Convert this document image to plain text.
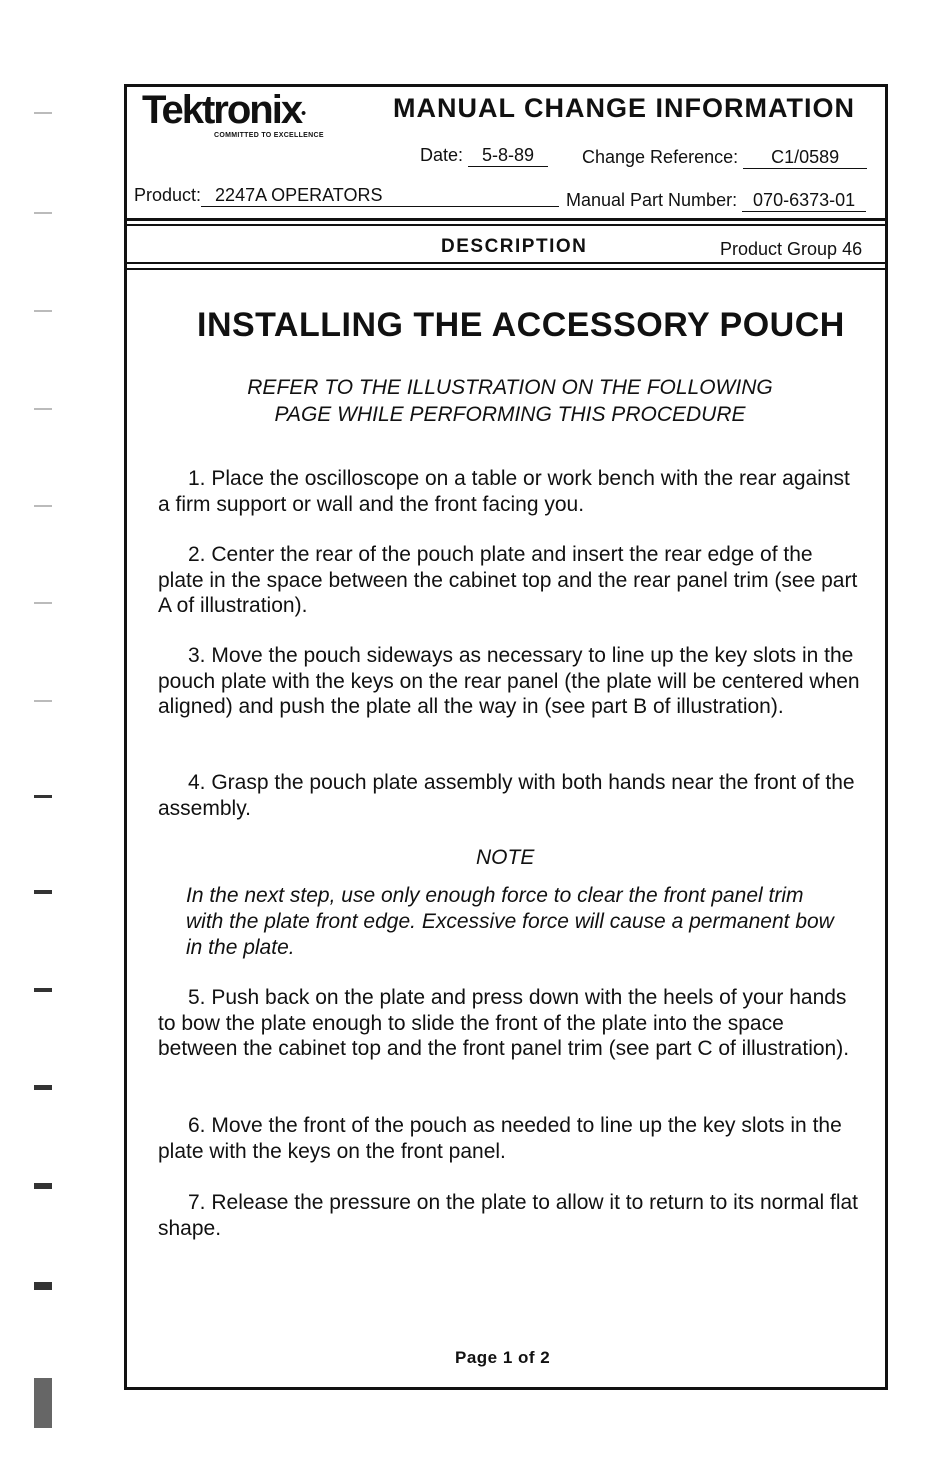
Tektronix•
COMMITTED TO EXCELLENCE
MANUAL CHANGE INFORMATION
Date: 5-8-89	Change Reference: C1/0589
Product: 2247A OPERATORS	Manual Part Number: 070-6373-01
DESCRIPTION	Product Group 46
INSTALLING THE ACCESSORY POUCH
REFER TO THE ILLUSTRATION ON THE FOLLOWING
PAGE WHILE PERFORMING THIS PROCEDURE
1. Place the oscilloscope on a table or work bench with the rear against a firm support or wall and the front facing you.
2. Center the rear of the pouch plate and insert the rear edge of the plate in the space between the cabinet top and the rear panel trim (see part A of illustration).
3. Move the pouch sideways as necessary to line up the key slots in the pouch plate with the keys on the rear panel (the plate will be centered when aligned) and push the plate all the way in (see part B of illustration).
4. Grasp the pouch plate assembly with both hands near the front of the assembly.
NOTE
In the next step, use only enough force to clear the front panel trim with the plate front edge. Excessive force will cause a permanent bow in the plate.
5. Push back on the plate and press down with the heels of your hands to bow the plate enough to slide the front of the plate into the space between the cabinet top and the front panel trim (see part C of illustration).
6. Move the front of the pouch as needed to line up the key slots in the plate with the keys on the front panel.
7. Release the pressure on the plate to allow it to return to its normal flat shape.
Page 1 of 2
